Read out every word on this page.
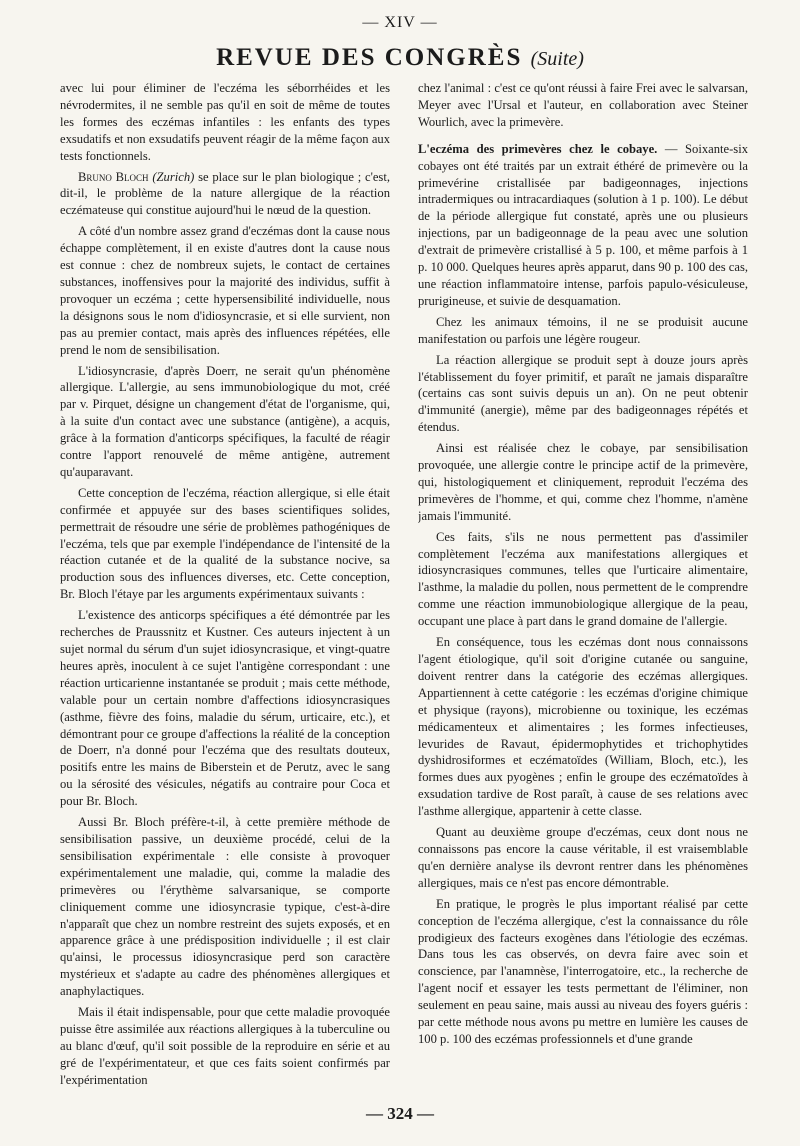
— XIV —
REVUE DES CONGRÈS (Suite)

avec lui pour éliminer de l'eczéma les séborrhéides et les névrodermites, il ne semble pas qu'il en soit de même de toutes les formes des eczémas infantiles : les enfants des types exsudatifs et non exsudatifs peuvent réagir de la même façon aux tests fonctionnels.

Bruno Bloch (Zurich) se place sur le plan biologique ; c'est, dit-il, le problème de la nature allergique de la réaction eczémateuse qui constitue aujourd'hui le nœud de la question.

A côté d'un nombre assez grand d'eczémas dont la cause nous échappe complètement, il en existe d'autres dont la cause nous est connue : chez de nombreux sujets, le contact de certaines substances, inoffensives pour la majorité des individus, suffit à provoquer un eczéma ; cette hypersensibilité individuelle, nous la désignons sous le nom d'idiosyncrasie, et si elle survient, non pas au premier contact, mais après des influences répétées, elle prend le nom de sensibilisation.

L'idiosyncrasie, d'après Doerr, ne serait qu'un phénomène allergique. L'allergie, au sens immunobiologique du mot, créé par v. Pirquet, désigne un changement d'état de l'organisme, qui, à la suite d'un contact avec une substance (antigène), a acquis, grâce à la formation d'anticorps spécifiques, la faculté de réagir contre l'apport renouvelé de même antigène, autrement qu'auparavant.

Cette conception de l'eczéma, réaction allergique, si elle était confirmée et appuyée sur des bases scientifiques solides, permettrait de résoudre une série de problèmes pathogéniques de l'eczéma, tels que par exemple l'indépendance de l'intensité de la réaction cutanée et de la qualité de la substance nocive, sa production sous des influences diverses, etc. Cette conception, Br. Bloch l'étaye par les arguments expérimentaux suivants :

L'existence des anticorps spécifiques a été démontrée par les recherches de Praussnitz et Kustner. Ces auteurs injectent à un sujet normal du sérum d'un sujet idiosyncrasique, et vingt-quatre heures après, inoculent à ce sujet l'antigène correspondant : une réaction urticarienne instantanée se produit ; mais cette méthode, valable pour un certain nombre d'affections idiosyncrasiques (asthme, fièvre des foins, maladie du sérum, urticaire, etc.), et démontrant pour ce groupe d'affections la réalité de la conception de Doerr, n'a donné pour l'eczéma que des resultats douteux, positifs entre les mains de Biberstein et de Perutz, avec le sang ou la sérosité des vésicules, négatifs au contraire pour Coca et pour Br. Bloch.

Aussi Br. Bloch préfère-t-il, à cette première méthode de sensibilisation passive, un deuxième procédé, celui de la sensibilisation expérimentale : elle consiste à provoquer expérimentalement une maladie, qui, comme la maladie des primevères ou l'érythème salvarsanique, se comporte cliniquement comme une idiosyncrasie typique, c'est-à-dire n'apparaît que chez un nombre restreint des sujets exposés, et en apparence grâce à une prédisposition individuelle ; il est clair qu'ainsi, le processus idiosyncrasique perd son caractère mystérieux et s'adapte au cadre des phénomènes allergiques et anaphylactiques.

Mais il était indispensable, pour que cette maladie provoquée puisse être assimilée aux réactions allergiques à la tuberculine ou au blanc d'œuf, qu'il soit possible de la reproduire en série et au gré de l'expérimentateur, et que ces faits soient confirmés par l'expérimentation

chez l'animal : c'est ce qu'ont réussi à faire Frei avec le salvarsan, Meyer avec l'Ursal et l'auteur, en collaboration avec Steiner Wourlich, avec la primevère.

L'eczéma des primevères chez le cobaye. — Soixante-six cobayes ont été traités par un extrait éthéré de primevère ou la primevérine cristallisée par badigeonnages, injections intradermiques ou intracardiaques (solution à 1 p. 100). Le début de la période allergique fut constaté, après une ou plusieurs injections, par un badigeonnage de la peau avec une solution d'extrait de primevère cristallisé à 5 p. 100, et même parfois à 1 p. 10 000. Quelques heures après apparut, dans 90 p. 100 des cas, une réaction inflammatoire intense, parfois papulo-vésiculeuse, prurigineuse, et suivie de desquamation.

Chez les animaux témoins, il ne se produisit aucune manifestation ou parfois une légère rougeur.

La réaction allergique se produit sept à douze jours après l'établissement du foyer primitif, et paraît ne jamais disparaître (certains cas sont suivis depuis un an). On ne peut obtenir d'immunité (anergie), même par des badigeonnages répétés et étendus.

Ainsi est réalisée chez le cobaye, par sensibilisation provoquée, une allergie contre le principe actif de la primevère, qui, histologiquement et cliniquement, reproduit l'eczéma des primevères de l'homme, et qui, comme chez l'homme, n'amène jamais l'immunité.

Ces faits, s'ils ne nous permettent pas d'assimiler complètement l'eczéma aux manifestations allergiques et idiosyncrasiques communes, telles que l'urticaire alimentaire, l'asthme, la maladie du pollen, nous permettent de le comprendre comme une réaction immunobiologique allergique de la peau, occupant une place à part dans le grand domaine de l'allergie.

En conséquence, tous les eczémas dont nous connaissons l'agent étiologique, qu'il soit d'origine cutanée ou sanguine, doivent rentrer dans la catégorie des eczémas allergiques. Appartiennent à cette catégorie : les eczémas d'origine chimique et physique (rayons), microbienne ou toxinique, les eczémas médicamenteux et alimentaires ; les formes infectieuses, levurides de Ravaut, épidermophytides et trichophytides dyshidrosiformes et eczématoïdes (William, Bloch, etc.), les formes dues aux pyogènes ; enfin le groupe des eczématoïdes à exsudation tardive de Rost paraît, à cause de ses relations avec l'asthme allergique, appartenir à cette classe.

Quant au deuxième groupe d'eczémas, ceux dont nous ne connaissons pas encore la cause véritable, il est vraisemblable qu'en dernière analyse ils devront rentrer dans les phénomènes allergiques, mais ce n'est pas encore démontrable.

En pratique, le progrès le plus important réalisé par cette conception de l'eczéma allergique, c'est la connaissance du rôle prodigieux des facteurs exogènes dans l'étiologie des eczémas. Dans tous les cas observés, on devra faire avec soin et conscience, par l'anamnèse, l'interrogatoire, etc., la recherche de l'agent nocif et essayer les tests permettant de l'éliminer, non seulement en peau saine, mais aussi au niveau des foyers guéris : par cette méthode nous avons pu mettre en lumière les causes de 100 p. 100 des eczémas professionnels et d'une grande

— 324 —
